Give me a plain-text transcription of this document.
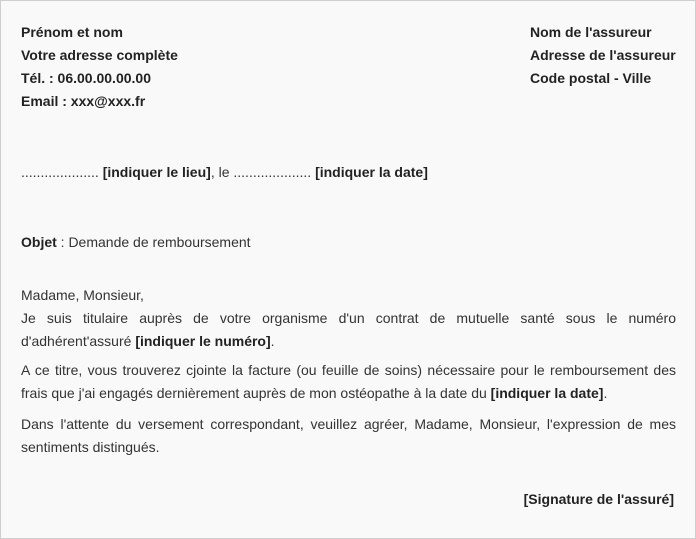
Prénom et nom
Votre adresse complète
Tél. : 06.00.00.00.00
Email : xxx@xxx.fr
Nom de l'assureur
Adresse de l'assureur
Code postal - Ville
.................... [indiquer le lieu], le .................... [indiquer la date]
Objet : Demande de remboursement
Madame, Monsieur,
Je suis titulaire auprès de votre organisme d'un contrat de mutuelle santé sous le numéro d'adhérent'assuré [indiquer le numéro].
A ce titre, vous trouverez cjointe la facture (ou feuille de soins) nécessaire pour le remboursement des frais que j'ai engagés dernièrement auprès de mon ostéopathe à la date du [indiquer la date].
Dans l'attente du versement correspondant, veuillez agréer, Madame, Monsieur, l'expression de mes sentiments distingués.
[Signature de l'assuré]
